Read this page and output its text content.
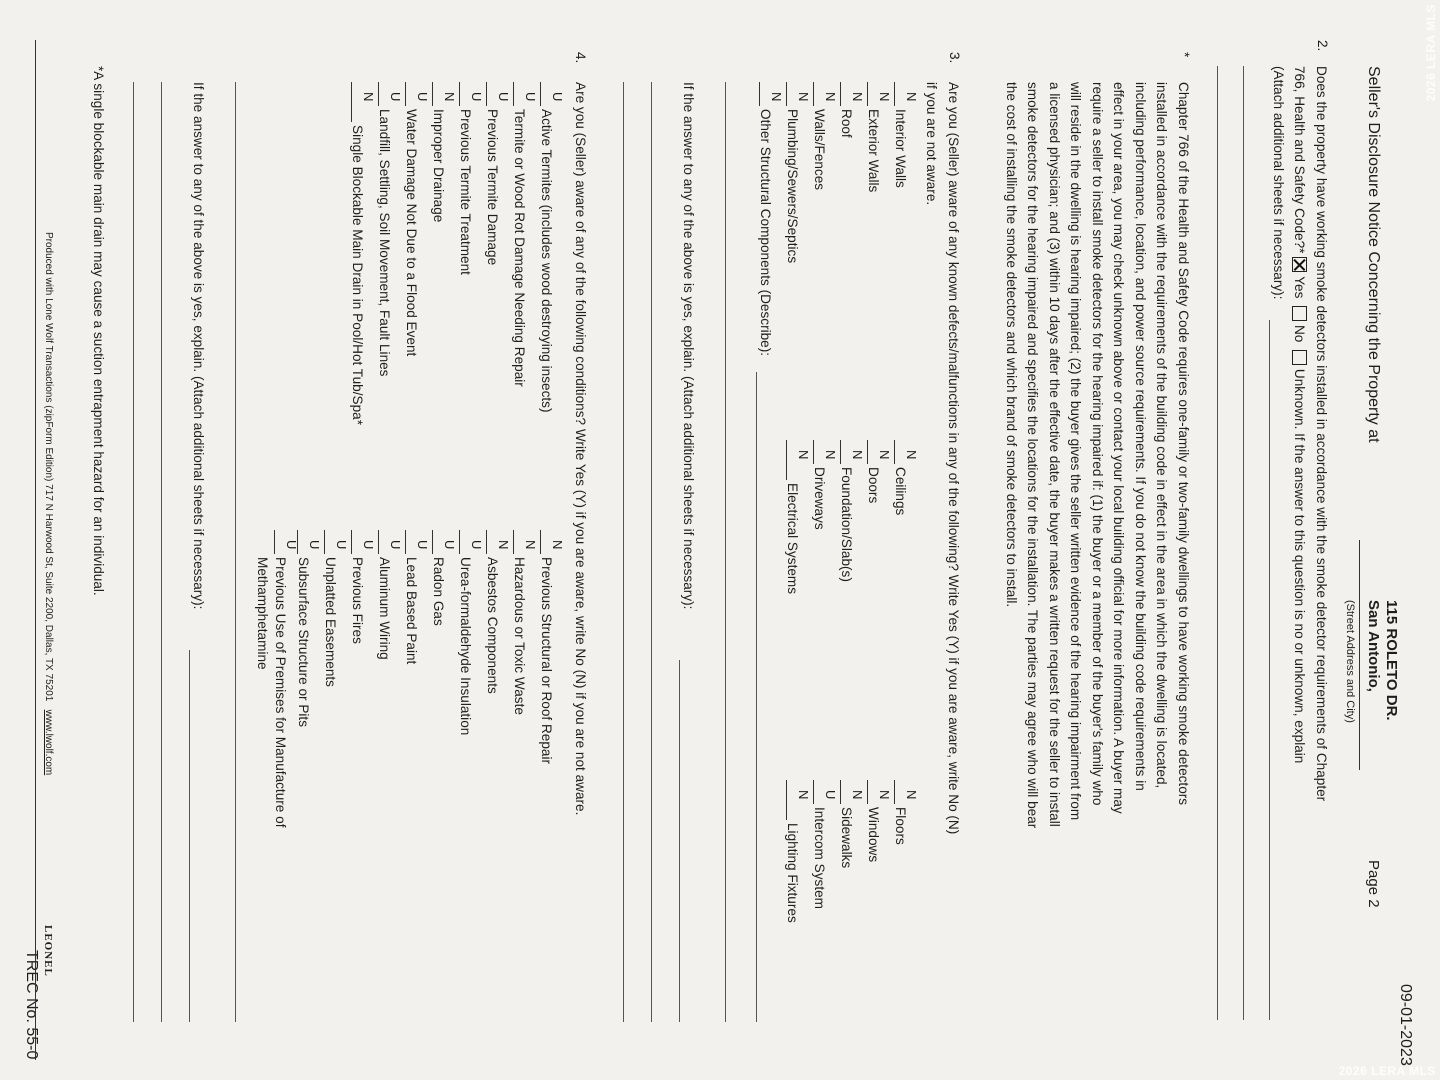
09-01-2023
Seller's Disclosure Notice Concerning the Property at
115 ROLETO DR.
San Antonio,
(Street Address and City)
Page 2
2.
Does the property have working smoke detectors installed in accordance with the smoke detector requirements of Chapter
766, Health and Safety Code?* Yes  No  Unknown. If the answer to this question is no or unknown, explain
(Attach additional sheets if necessary):
*
Chapter 766 of the Health and Safety Code requires one-family or two-family dwellings to have working smoke detectors
installed in accordance with the requirements of the building code in effect in the area in which the dwelling is located,
including performance, location, and power source requirements. If you do not know the building code requirements in
effect in your area, you may check unknown above or contact your local building official for more information. A buyer may
require a seller to install smoke detectors for the hearing impaired if: (1) the buyer or a member of the buyer's family who
will reside in the dwelling is hearing impaired; (2) the buyer gives the seller written evidence of the hearing impairment from
a licensed physician; and (3) within 10 days after the effective date, the buyer makes a written request for the seller to install
smoke detectors for the hearing impaired and specifies the locations for the installation. The parties may agree who will bear
the cost of installing the smoke detectors and which brand of smoke detectors to install.
3.
Are you (Seller) aware of any known defects/malfunctions in any of the following? Write Yes (Y) if you are aware, write No (N)
if you are not aware.
N
Interior Walls
N
Exterior Walls
N
Roof
N
Walls/Fences
N
Plumbing/Sewers/Septics
N
Other Structural Components (Describe):
N
Ceilings
N
Doors
N
Foundation/Slab(s)
N
Driveways
N
Electrical Systems
N
Floors
N
Windows
N
Sidewalks
U
Intercom System
N
Lighting Fixtures
If the answer to any of the above is yes, explain. (Attach additional sheets if necessary):
4.
Are you (Seller) aware of any of the following conditions? Write Yes (Y) if you are aware, write No (N) if you are not aware.
U
Active Termites (includes wood destroying insects)
U
Termite or Wood Rot Damage Needing Repair
U
Previous Termite Damage
U
Previous Termite Treatment
N
Improper Drainage
U
Water Damage Not Due to a Flood Event
U
Landfill, Settling, Soil Movement, Fault Lines
N
Single Blockable Main Drain in Pool/Hot Tub/Spa*
N
Previous Structural or Roof Repair
N
Hazardous or Toxic Waste
N
Asbestos Components
U
Urea-formaldehyde Insulation
U
Radon Gas
U
Lead Based Paint
U
Aluminum Wiring
U
Previous Fires
U
Unplatted Easements
U
Subsurface Structure or Pits
U
Previous Use of Premises for Manufacture of
Methamphetamine
If the answer to any of the above is yes, explain. (Attach additional sheets if necessary):
*A single blockable main drain may cause a suction entrapment hazard for an individual.
Produced with Lone Wolf Transactions (zipForm Edition) 717 N Harwood St, Suite 2200, Dallas, TX 75201   www.lwolf.com
LEONEL
TREC No. 55-0
2026 LERA MLS
2026 LERA MLS
